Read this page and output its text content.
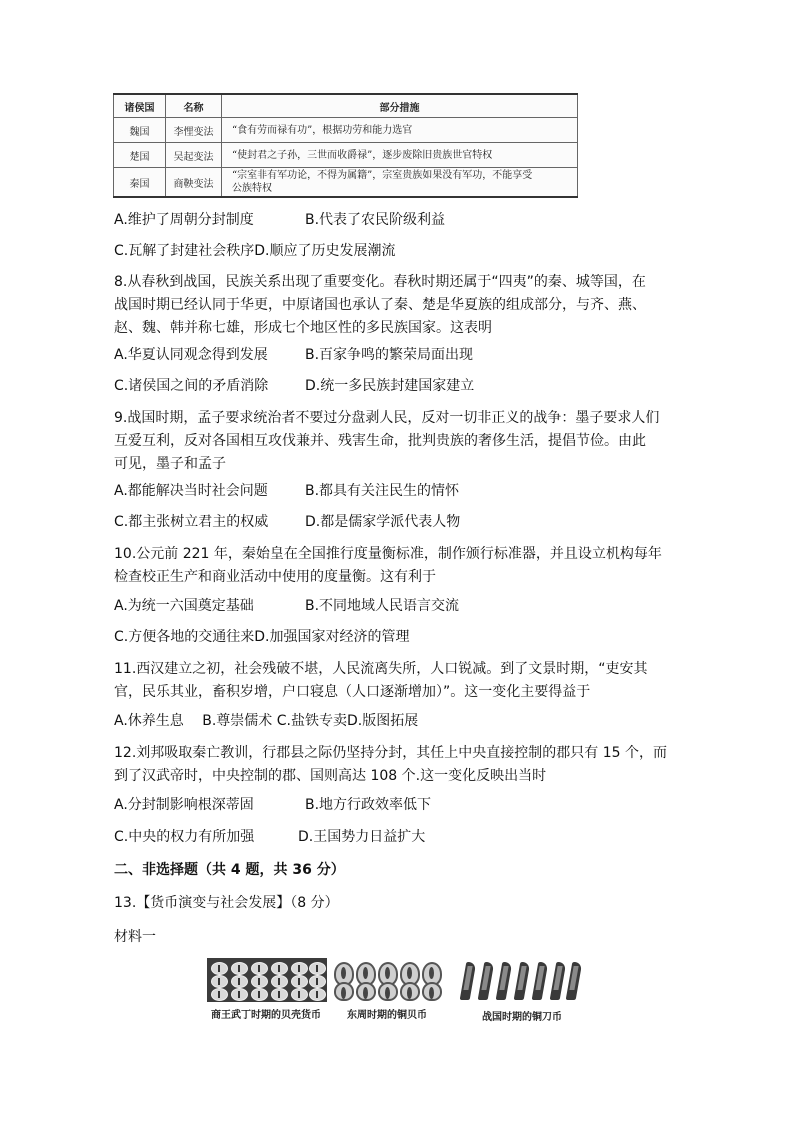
诸侯国	名称	部分措施
魏国	李悝变法	“食有劳而禄有功”，根据功劳和能力选官
楚国	吴起变法	“使封君之子孙，三世而收爵禄”，逐步废除旧贵族世官特权
秦国	商鞅变法	“宗室非有军功论，不得为属籍”，宗室贵族如果没有军功，不能享受
公族特权
A.维护了周朝分封制度	B.代表了农民阶级利益
C.瓦解了封建社会秩序D.顺应了历史发展潮流
8.从春秋到战国，民族关系出现了重要变化。春秋时期还属于“四夷”的秦、城等国，在
战国时期已经认同于华更，中原诸国也承认了秦、楚是华夏族的组成部分，与齐、燕、
赵、魏、韩并称七雄，形成七个地区性的多民族国家。这表明
A.华夏认同观念得到发展	B.百家争鸣的繁荣局面出现
C.诸侯国之间的矛盾消除	D.统一多民族封建国家建立
9.战国时期，孟子要求统治者不要过分盘剥人民，反对一切非正义的战争：墨子要求人们
互爱互利，反对各国相互攻伐兼并、残害生命，批判贵族的奢侈生活，提倡节俭。由此
可见，墨子和孟子
A.都能解决当时社会问题	B.都具有关注民生的情怀
C.都主张树立君主的权威	D.都是儒家学派代表人物
10.公元前 221 年，秦始皇在全国推行度量衡标准，制作颁行标准器，并且设立机构每年
检查校正生产和商业活动中使用的度量衡。这有利于
A.为统一六国奠定基础	B.不同地域人民语言交流
C.方便各地的交通往来D.加强国家对经济的管理
11.西汉建立之初，社会残破不堪，人民流离失所，人口锐减。到了文景时期，“吏安其
官，民乐其业，畜积岁增，户口寝息（人口逐渐增加）”。这一变化主要得益于
A.休养生息　 B.尊崇儒术 C.盐铁专卖D.版图拓展
12.刘邦吸取秦亡教训，行郡县之际仍坚持分封，其任上中央直接控制的郡只有 15 个，而
到了汉武帝时，中央控制的郡、国则高达 108 个.这一变化反映出当时
A.分封制影响根深蒂固	B.地方行政效率低下
C.中央的权力有所加强	D.王国势力日益扩大
二、非选择题（共 4 题，共 36 分）
13.【货币演变与社会发展】（8 分）
材料一
商王武丁时期的贝壳货币	东周时期的铜贝币	战国时期的铜刀币
